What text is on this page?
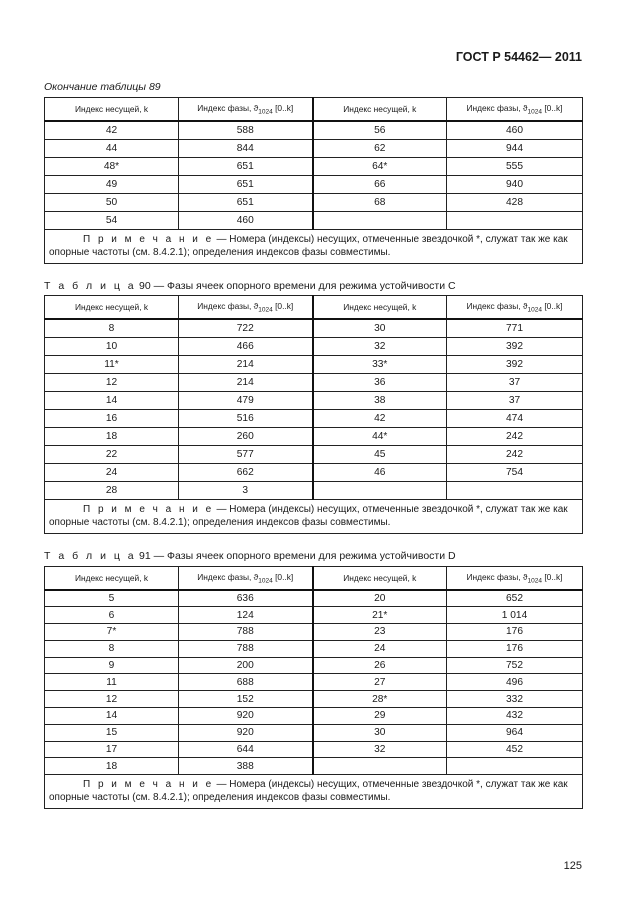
ГОСТ Р 54462— 2011
Окончание таблицы 89
Индекс несущей, k	Индекс фазы, $ϑ_{1024}$ [0..k]	Индекс несущей, k	Индекс фазы, $ϑ_{1024}$ [0..k]
42	588	56	460
44	844	62	944
48*	651	64*	555
49	651	66	940
50	651	68	428
54	460		
П р и м е ч а н и е — Номера (индексы) несущих, отмеченные звездочкой *, служат так же как опорные частоты (см. 8.4.2.1); определения индексов фазы совместимы.			
Т а б л и ц а 90 — Фазы ячеек опорного времени для режима устойчивости C
Индекс несущей, k	Индекс фазы, $ϑ_{1024}$ [0..k]	Индекс несущей, k	Индекс фазы, $ϑ_{1024}$ [0..k]
8	722	30	771
10	466	32	392
11*	214	33*	392
12	214	36	37
14	479	38	37
16	516	42	474
18	260	44*	242
22	577	45	242
24	662	46	754
28	3		
П р и м е ч а н и е — Номера (индексы) несущих, отмеченные звездочкой *, служат так же как опорные частоты (см. 8.4.2.1); определения индексов фазы совместимы.			
Т а б л и ц а 91 — Фазы ячеек опорного времени для режима устойчивости D
Индекс несущей, k	Индекс фазы, $ϑ_{1024}$ [0..k]	Индекс несущей, k	Индекс фазы, $ϑ_{1024}$ [0..k]
5	636	20	652
6	124	21*	1 014
7*	788	23	176
8	788	24	176
9	200	26	752
11	688	27	496
12	152	28*	332
14	920	29	432
15	920	30	964
17	644	32	452
18	388		
П р и м е ч а н и е — Номера (индексы) несущих, отмеченные звездочкой *, служат так же как опорные частоты (см. 8.4.2.1); определения индексов фазы совместимы.			
125
